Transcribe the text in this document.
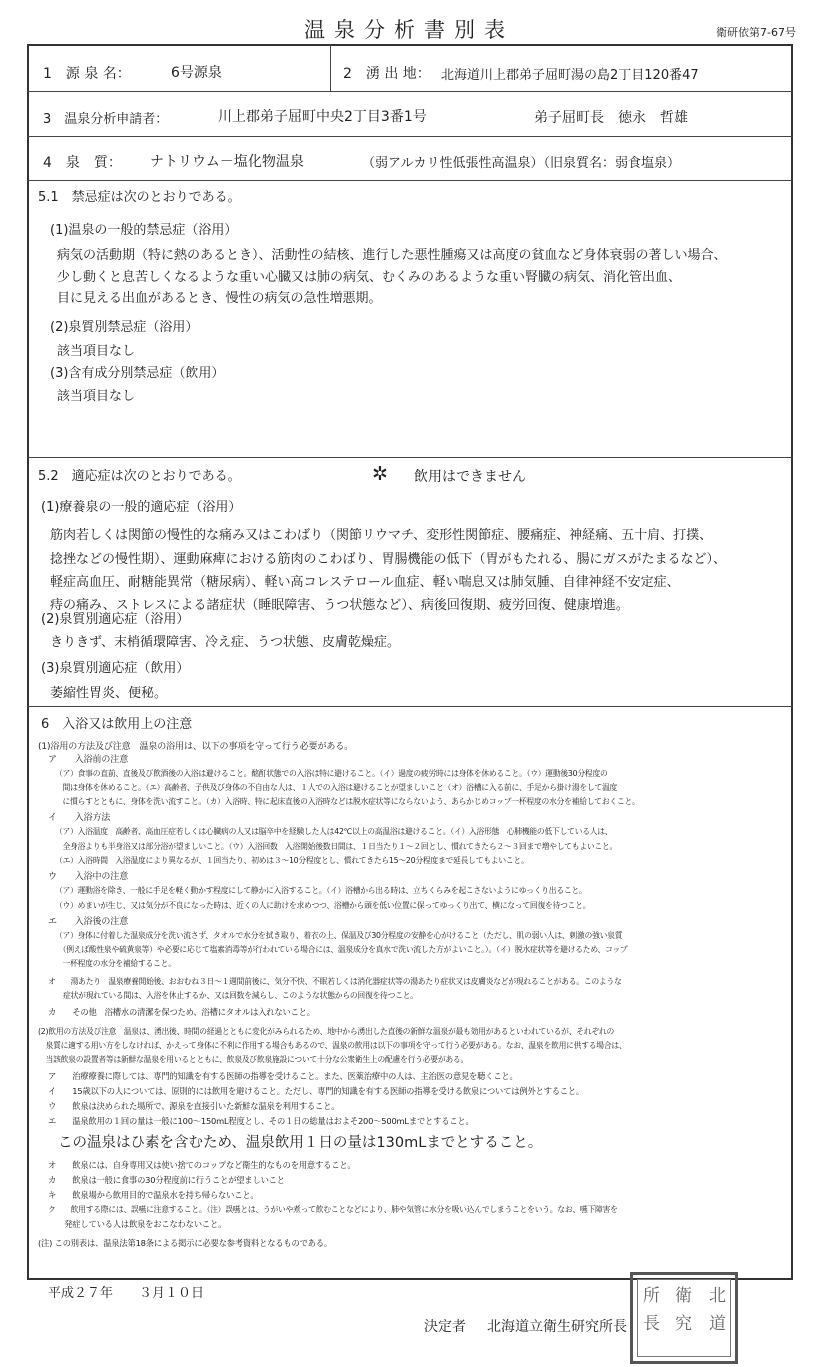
温泉分析書別表	衛研依第7-67号
1　源 泉 名：	6号源泉	2　湧 出 地： 北海道川上郡弟子屈町湯の島2丁目120番47
3　温泉分析申請者：	川上郡弟子屈町中央2丁目3番1号	弟子屈町長　徳永　哲雄
4　泉　質： ナトリウム－塩化物温泉	（弱アルカリ性低張性高温泉）（旧泉質名：弱食塩泉）
5.1　禁忌症は次のとおりである。
(1)温泉の一般的禁忌症（浴用）
病気の活動期（特に熱のあるとき）、活動性の結核、進行した悪性腫瘍又は高度の貧血など身体衰弱の著しい場合、
少し動くと息苦しくなるような重い心臓又は肺の病気、むくみのあるような重い腎臓の病気、消化管出血、
目に見える出血があるとき、慢性の病気の急性増悪期。
(2)泉質別禁忌症（浴用）
該当項目なし
(3)含有成分別禁忌症（飲用）
該当項目なし
5.2　適応症は次のとおりである。	✲ 飲用はできません
(1)療養泉の一般的適応症（浴用）
筋肉若しくは関節の慢性的な痛み又はこわばり（関節リウマチ、変形性関節症、腰痛症、神経痛、五十肩、打撲、
捻挫などの慢性期）、運動麻痺における筋肉のこわばり、胃腸機能の低下（胃がもたれる、腸にガスがたまるなど）、
軽症高血圧、耐糖能異常（糖尿病）、軽い高コレステロール血症、軽い喘息又は肺気腫、自律神経不安定症、
痔の痛み、ストレスによる諸症状（睡眠障害、うつ状態など）、病後回復期、疲労回復、健康増進。
(2)泉質別適応症（浴用）
きりきず、末梢循環障害、冷え症、うつ状態、皮膚乾燥症。
(3)泉質別適応症（飲用）
萎縮性胃炎、便秘。
6　入浴又は飲用上の注意
(1)浴用の方法及び注意　温泉の浴用は、以下の事項を守って行う必要がある。
ア　　入浴前の注意
（ア）食事の直前、直後及び飲酒後の入浴は避けること。酩酊状態での入浴は特に避けること。（イ）過度の疲労時には身体を休めること。（ウ）運動後30分程度の
　間は身体を休めること。（エ）高齢者、子供及び身体の不自由な人は、１人での入浴は避けることが望ましいこと（オ）浴槽に入る前に、手足から掛け湯をして温度
　に慣らすとともに、身体を洗い流すこと。（カ）入浴時、特に起床直後の入浴時などは脱水症状等にならないよう、あらかじめコップ一杯程度の水分を補給しておくこと。
イ　　入浴方法
（ア）入浴温度　高齢者、高血圧症若しくは心臓病の人又は脳卒中を経験した人は42℃以上の高温浴は避けること。（イ）入浴形態　心肺機能の低下している人は、
　全身浴よりも半身浴又は部分浴が望ましいこと。（ウ）入浴回数　入浴開始後数日間は、１日当たり１～２回とし、慣れてきたら２～３回まで増やしてもよいこと。
（エ）入浴時間　入浴温度により異なるが、１回当たり、初めは３～10分程度とし、慣れてきたら15～20分程度まで延長してもよいこと。
ウ　　入浴中の注意
（ア）運動浴を除き、一般に手足を軽く動かす程度にして静かに入浴すること。（イ）浴槽から出る時は、立ちくらみを起こさないようにゆっくり出ること。
（ウ）めまいが生じ、又は気分が不良になった時は、近くの人に助けを求めつつ、浴槽から頭を低い位置に保ってゆっくり出て、横になって回復を待つこと。
エ　　入浴後の注意
（ア）身体に付着した温泉成分を洗い流さず、タオルで水分を拭き取り、着衣の上、保温及び30分程度の安静を心がけること（ただし、肌の弱い人は、刺激の強い泉質
　（例えば酸性泉や硫黄泉等）や必要に応じて塩素消毒等が行われている場合には、温泉成分を真水で洗い流した方がよいこと。）。（イ）脱水症状等を避けるため、コップ
　一杯程度の水分を補給すること。
オ　　湯あたり　温泉療養開始後、おおむね３日～１週間前後に、気分不快、不眠若しくは消化器症状等の湯あたり症状又は皮膚炎などが現れることがある。このような
　　症状が現れている間は、入浴を休止するか、又は回数を減らし、このような状態からの回復を待つこと。
カ　　その他　浴槽水の清潔を保つため、浴槽にタオルは入れないこと。
(2)飲用の方法及び注意　温泉は、湧出後、時間の経過とともに変化がみられるため、地中から湧出した直後の新鮮な温泉が最も効用があるといわれているが、それぞれの
　泉質に適する用い方をしなければ、かえって身体に不利に作用する場合もあるので、温泉の飲用は以下の事項を守って行う必要がある。なお、温泉を飲用に供する場合は、
　当該飲泉の設置者等は新鮮な温泉を用いるとともに、飲泉及び飲泉施設について十分な公衆衛生上の配慮を行う必要がある。
ア　　治療療養に際しては、専門的知識を有する医師の指導を受けること。また、医薬治療中の人は、主治医の意見を聴くこと。
イ　　15歳以下の人については、原則的には飲用を避けること。ただし、専門的知識を有する医師の指導を受ける飲泉については例外とすること。
ウ　　飲泉は決められた場所で、源泉を直接引いた新鮮な温泉を利用すること。
エ　　温泉飲用の１回の量は一般に100～150mL程度とし、その１日の総量はおよそ200～500mLまでとすること。
この温泉はひ素を含むため、温泉飲用１日の量は130mLまでとすること。
オ　　飲泉には、自身専用又は使い捨てのコップなど衛生的なものを用意すること。
カ　　飲泉は一般に食事の30分程度前に行うことが望ましいこと
キ　　飲泉場から飲用目的で温泉水を持ち帰らないこと。
ク　　飲用する際には、誤嚥に注意すること。（注）誤嚥とは、うがいや煮って飲むことなどにより、肺や気管に水分を吸い込んでしまうことをいう。なお、嚥下障害を
　　発症している人は飲泉をおこなわないこと。
(注) この別表は、温泉法第18条による掲示に必要な参考資料となるものである。
平成２７年　　３月１０日
決定者 北海道立衛生研究所長
北
道
衛
究
所
長
